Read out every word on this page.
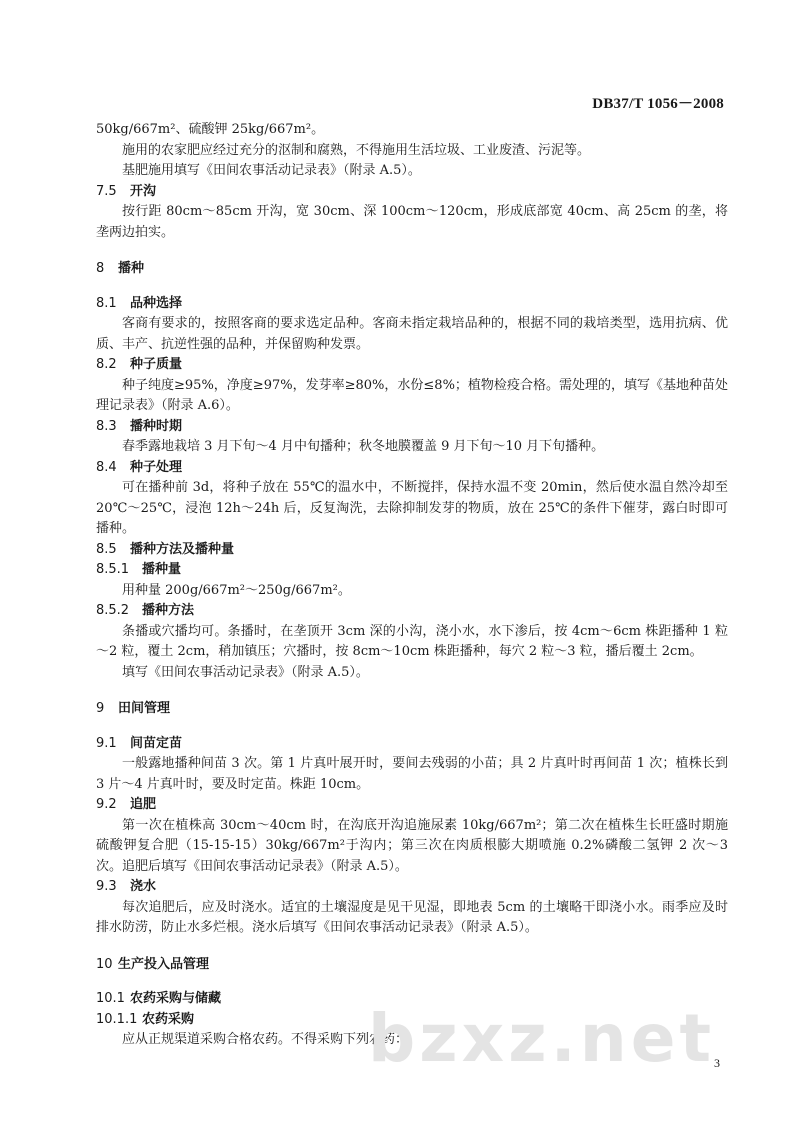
DB37/T 1056－2008

50kg/667m²、硫酸钾 25kg/667m²。

施用的农家肥应经过充分的沤制和腐熟，不得施用生活垃圾、工业废渣、污泥等。

基肥施用填写《田间农事活动记录表》（附录 A.5）。

7.5 开沟

按行距 80cm～85cm 开沟，宽 30cm、深 100cm～120cm，形成底部宽 40cm、高 25cm 的垄，将垄两边拍实。

8 播种
8.1 品种选择

客商有要求的，按照客商的要求选定品种。客商未指定栽培品种的，根据不同的栽培类型，选用抗病、优质、丰产、抗逆性强的品种，并保留购种发票。

8.2 种子质量

种子纯度≥95%，净度≥97%，发芽率≥80%，水份≤8%；植物检疫合格。需处理的，填写《基地种苗处理记录表》（附录 A.6）。

8.3 播种时期

春季露地栽培 3 月下旬～4 月中旬播种；秋冬地膜覆盖 9 月下旬～10 月下旬播种。

8.4 种子处理

可在播种前 3d，将种子放在 55℃的温水中，不断搅拌，保持水温不变 20min，然后使水温自然冷却至 20℃～25℃，浸泡 12h～24h 后，反复淘洗，去除抑制发芽的物质，放在 25℃的条件下催芽，露白时即可播种。

8.5 播种方法及播种量
8.5.1 播种量

用种量 200g/667m²～250g/667m²。

8.5.2 播种方法

条播或穴播均可。条播时，在垄顶开 3cm 深的小沟，浇小水，水下渗后，按 4cm～6cm 株距播种 1 粒～2 粒，覆土 2cm，稍加镇压；穴播时，按 8cm～10cm 株距播种，每穴 2 粒～3 粒，播后覆土 2cm。

填写《田间农事活动记录表》（附录 A.5）。

9 田间管理
9.1 间苗定苗

一般露地播种间苗 3 次。第 1 片真叶展开时，要间去残弱的小苗；具 2 片真叶时再间苗 1 次；植株长到 3 片～4 片真叶时，要及时定苗。株距 10cm。

9.2 追肥

第一次在植株高 30cm～40cm 时，在沟底开沟追施尿素 10kg/667m²；第二次在植株生长旺盛时期施硫酸钾复合肥（15-15-15）30kg/667m²于沟内；第三次在肉质根膨大期喷施 0.2%磷酸二氢钾 2 次～3 次。追肥后填写《田间农事活动记录表》（附录 A.5）。

9.3 浇水

每次追肥后，应及时浇水。适宜的土壤湿度是见干见湿，即地表 5cm 的土壤略干即浇小水。雨季应及时排水防涝，防止水多烂根。浇水后填写《田间农事活动记录表》（附录 A.5）。

10 生产投入品管理
10.1 农药采购与储藏
10.1.1 农药采购

应从正规渠道采购合格农药。不得采购下列农药：

bzxz.net
3
